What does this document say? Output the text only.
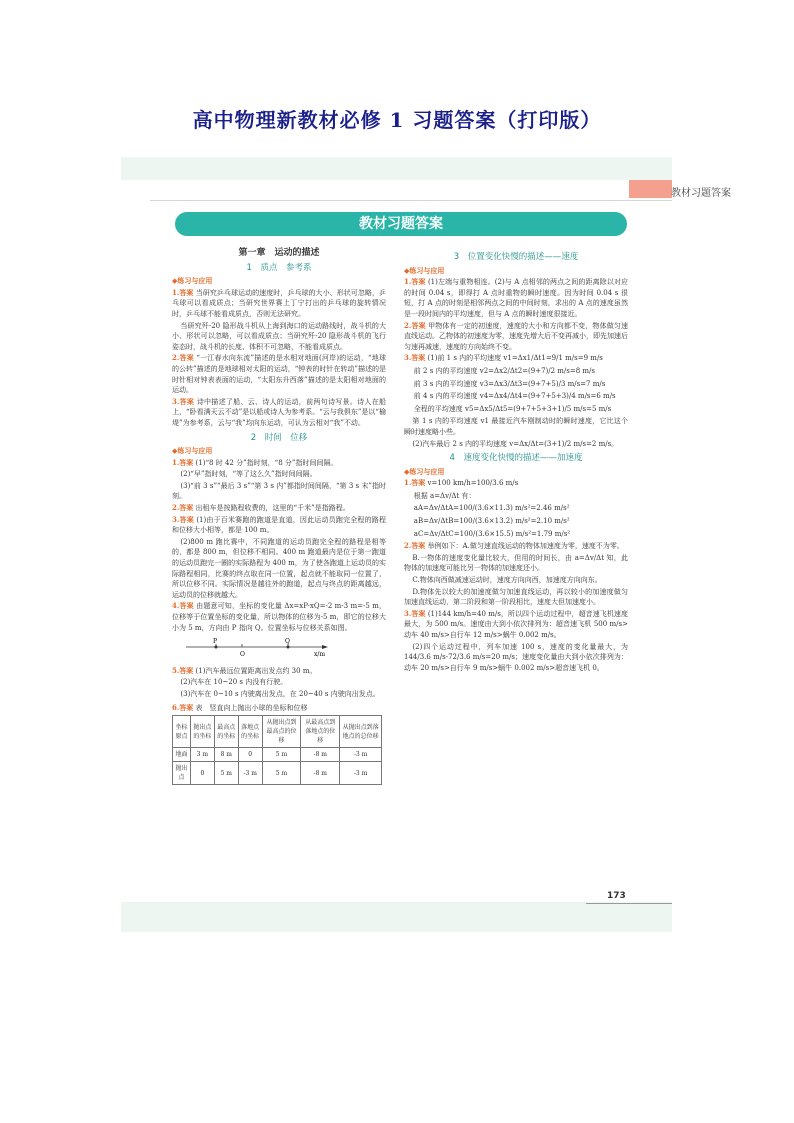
高中物理新教材必修 1 习题答案（打印版）
教材习题答案
教材习题答案
第一章　运动的描述
1　质点　参考系
◆练习与应用

1.答案 当研究乒乓球运动的速度时，乒乓球的大小、形状可忽略，乒乓球可以看成质点；当研究世界赛上丁宁打出的乒乓球的旋转情况时，乒乓球不能看成质点，否则无法研究。

当研究歼-20 隐形战斗机从上海到海口的运动路线时，战斗机的大小、形状可以忽略，可以看成质点；当研究歼-20 隐形战斗机的飞行姿态时，战斗机的长度、体积不可忽略，不能看成质点。

2.答案 “一江春水向东流”描述的是水相对地面(河岸)的运动，“地球的公转”描述的是地球相对太阳的运动，“钟表的时针在转动”描述的是时针相对钟表表面的运动，“太阳东升西落”描述的是太阳相对地面的运动。

3.答案 诗中描述了船、云、诗人的运动，前两句诗写景。诗人在船上，“卧看满天云不动”是以船或诗人为参考系。“云与我俱东”是以“榆堤”为参考系，云与“我”均向东运动，可认为云相对“我”不动。

2　时间　位移
◆练习与应用

1.答案 (1)“8 时 42 分”指时刻，“8 分”指时间间隔。

(2)“早”指时刻，“等了这么久”指时间间隔。

(3)“前 3 s”“最后 3 s”“第 3 s 内”都指时间间隔，“第 3 s 末”指时刻。

2.答案 出租车是按路程收费的，这里的“千米”是指路程。

3.答案 (1)由于百米赛跑的跑道是直道，因此运动员跑完全程的路程和位移大小相等，都是 100 m。

(2)800 m 跑比赛中，不同跑道的运动员跑完全程的路程是相等的，都是 800 m，但位移不相同。400 m 跑道最内是位于第一跑道的运动员跑完一圈的实际路程为 400 m，为了使各跑道上运动员的实际路程相同，比赛的终点取在同一位置，起点就不能取同一位置了，所以位移不同。实际情况是越往外的跑道，起点与终点的距离越远，运动员的位移就越大。

4.答案 由题意可知，坐标的变化量 Δx=xP-xQ=-2 m-3 m=-5 m，位移等于位置坐标的变化量，所以物体的位移为-5 m，即它的位移大小为 5 m，方向由 P 指向 Q。位置坐标与位移关系如图。

P	Q
O	x/m

5.答案 (1)汽车最远位置距离出发点约 30 m。

(2)汽车在 10~20 s 内没有行驶。

(3)汽车在 0~10 s 内驶离出发点，在 20~40 s 内驶向出发点。

6.答案 表　竖直向上抛出小球的坐标和位移

坐标原点	抛出点的坐标	最高点的坐标	落地点的坐标	从抛出点到最高点的位移	从最高点到落地点的位移	从抛出点到落地点的总位移
地面	3 m	8 m	0	5 m	-8 m	-3 m
抛出点	0	5 m	-3 m	5 m	-8 m	-3 m
3　位置变化快慢的描述——速度
◆练习与应用

1.答案 (1)左端与重物相连。(2)与 A 点相邻的两点之间的距离除以对应的时间 0.04 s，即得打 A 点时重物的瞬时速度。因为时间 0.04 s 很短，打 A 点的时刻是相邻两点之间的中间时刻，求出的 A 点的速度虽然是一段时间内的平均速度，但与 A 点的瞬时速度很接近。

2.答案 甲物体有一定的初速度，速度的大小和方向都不变，物体做匀速直线运动。乙物体的初速度为零，速度先增大后不变再减小，即先加速后匀速再减速，速度的方向始终不变。

3.答案 (1)前 1 s 内的平均速度 v1=Δx1/Δt1=9/1 m/s=9 m/s

前 2 s 内的平均速度 v2=Δx2/Δt2=(9+7)/2 m/s=8 m/s

前 3 s 内的平均速度 v3=Δx3/Δt3=(9+7+5)/3 m/s=7 m/s

前 4 s 内的平均速度 v4=Δx4/Δt4=(9+7+5+3)/4 m/s=6 m/s

全程的平均速度 v5=Δx5/Δt5=(9+7+5+3+1)/5 m/s=5 m/s

第 1 s 内的平均速度 v1 最接近汽车刚制动时的瞬时速度，它比这个瞬时速度略小些。

(2)汽车最后 2 s 内的平均速度 v=Δx/Δt=(3+1)/2 m/s=2 m/s。

4　速度变化快慢的描述——加速度
◆练习与应用

1.答案 v=100 km/h=100/3.6 m/s

根据 a=Δv/Δt 有：

aA=Δv/ΔtA=100/(3.6×11.3) m/s²=2.46 m/s²

aB=Δv/ΔtB=100/(3.6×13.2) m/s²=2.10 m/s²

aC=Δv/ΔtC=100/(3.6×15.5) m/s²=1.79 m/s²

2.答案 举例如下：A.做匀速直线运动的物体加速度为零，速度不为零。

B.一物体的速度变化量比较大，但用的时间长，由 a=Δv/Δt 知，此物体的加速度可能比另一物体的加速度还小。

C.物体向西做减速运动时，速度方向向西，加速度方向向东。

D.物体先以较大的加速度做匀加速直线运动，再以较小的加速度做匀加速直线运动，第二阶段和第一阶段相比，速度大但加速度小。

3.答案 (1)144 km/h=40 m/s，所以四个运动过程中，超音速飞机速度最大，为 500 m/s。速度由大到小依次排列为：超音速飞机 500 m/s>动车 40 m/s>自行车 12 m/s>蜗牛 0.002 m/s。

(2)四个运动过程中，列车加速 100 s，速度的变化量最大，为 144/3.6 m/s-72/3.6 m/s=20 m/s；速度变化量由大到小依次排列为：动车 20 m/s>自行车 9 m/s>蜗牛 0.002 m/s>超音速飞机 0。

173
